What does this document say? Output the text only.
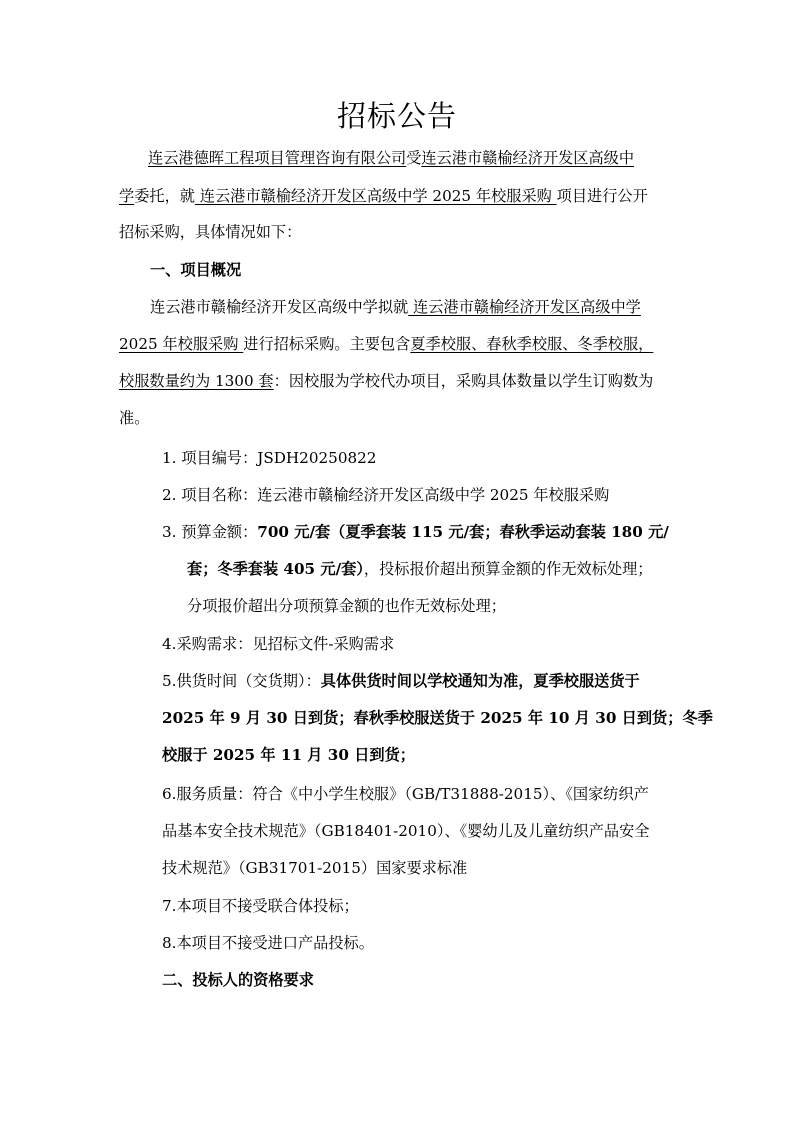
招标公告
连云港德晖工程项目管理咨询有限公司受连云港市赣榆经济开发区高级中
学委托，就 连云港市赣榆经济开发区高级中学 2025 年校服采购 项目进行公开
招标采购，具体情况如下：
一、项目概况
连云港市赣榆经济开发区高级中学拟就 连云港市赣榆经济开发区高级中学
2025 年校服采购 进行招标采购。主要包含夏季校服、春秋季校服、冬季校服，
校服数量约为 1300 套：因校服为学校代办项目，采购具体数量以学生订购数为
准。
1. 项目编号：JSDH20250822
2. 项目名称：连云港市赣榆经济开发区高级中学 2025 年校服采购
3. 预算金额：700 元/套（夏季套装 115 元/套；春秋季运动套装 180 元/
套；冬季套装 405 元/套），投标报价超出预算金额的作无效标处理；
分项报价超出分项预算金额的也作无效标处理；
4.采购需求：见招标文件-采购需求
5.供货时间（交货期）：具体供货时间以学校通知为准，夏季校服送货于
2025 年 9 月 30 日到货；春秋季校服送货于 2025 年 10 月 30 日到货；冬季
校服于 2025 年 11 月 30 日到货；
6.服务质量：符合《中小学生校服》（GB/T31888-2015）、《国家纺织产
品基本安全技术规范》（GB18401-2010）、《婴幼儿及儿童纺织产品安全
技术规范》（GB31701-2015）国家要求标准
7.本项目不接受联合体投标；
8.本项目不接受进口产品投标。
二、投标人的资格要求
